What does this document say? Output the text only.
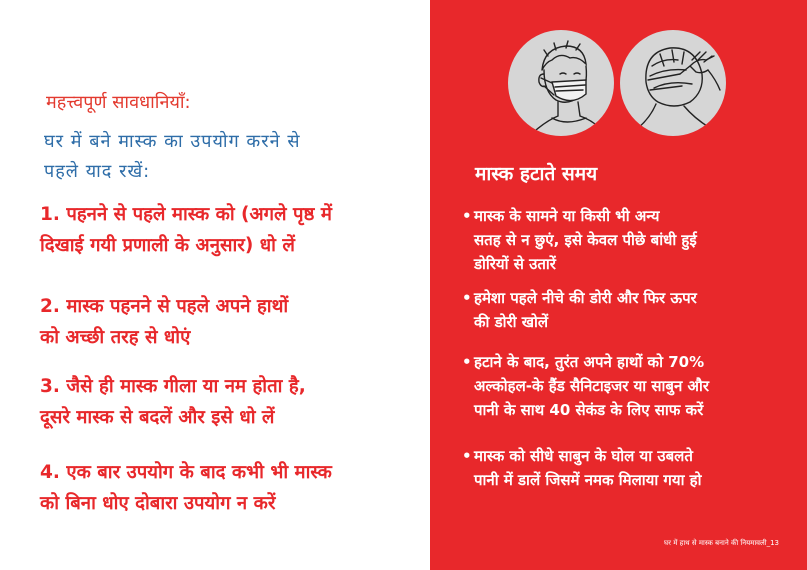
महत्त्वपूर्ण सावधानियाँ:
घर में बने मास्क का उपयोग करने से
पहले याद रखें:
1. पहनने से पहले मास्क को (अगले पृष्ठ में
दिखाई गयी प्रणाली के अनुसार) धो लें
2. मास्क पहनने से पहले अपने हाथों
को अच्छी तरह से धोएं
3. जैसे ही मास्क गीला या नम होता है,
दूसरे मास्क से बदलें और इसे धो लें
4. एक बार उपयोग के बाद कभी भी मास्क
को बिना धोए दोबारा उपयोग न करें
मास्क हटाते समय
• मास्क के सामने या किसी भी अन्य
सतह से न छुएं, इसे केवल पीछे बांधी हुई
डोरियों से उतारें
• हमेशा पहले नीचे की डोरी और फिर ऊपर
की डोरी खोलें
• हटाने के बाद, तुरंत अपने हाथों को 70%
अल्कोहल-के हैंड सैनिटाइजर या साबुन और
पानी के साथ 40 सेकंड के लिए साफ करें
• मास्क को सीधे साबुन के घोल या उबलते
पानी में डालें जिसमें नमक मिलाया गया हो
घर में हाथ से मास्क बनाने की नियमावली_13
